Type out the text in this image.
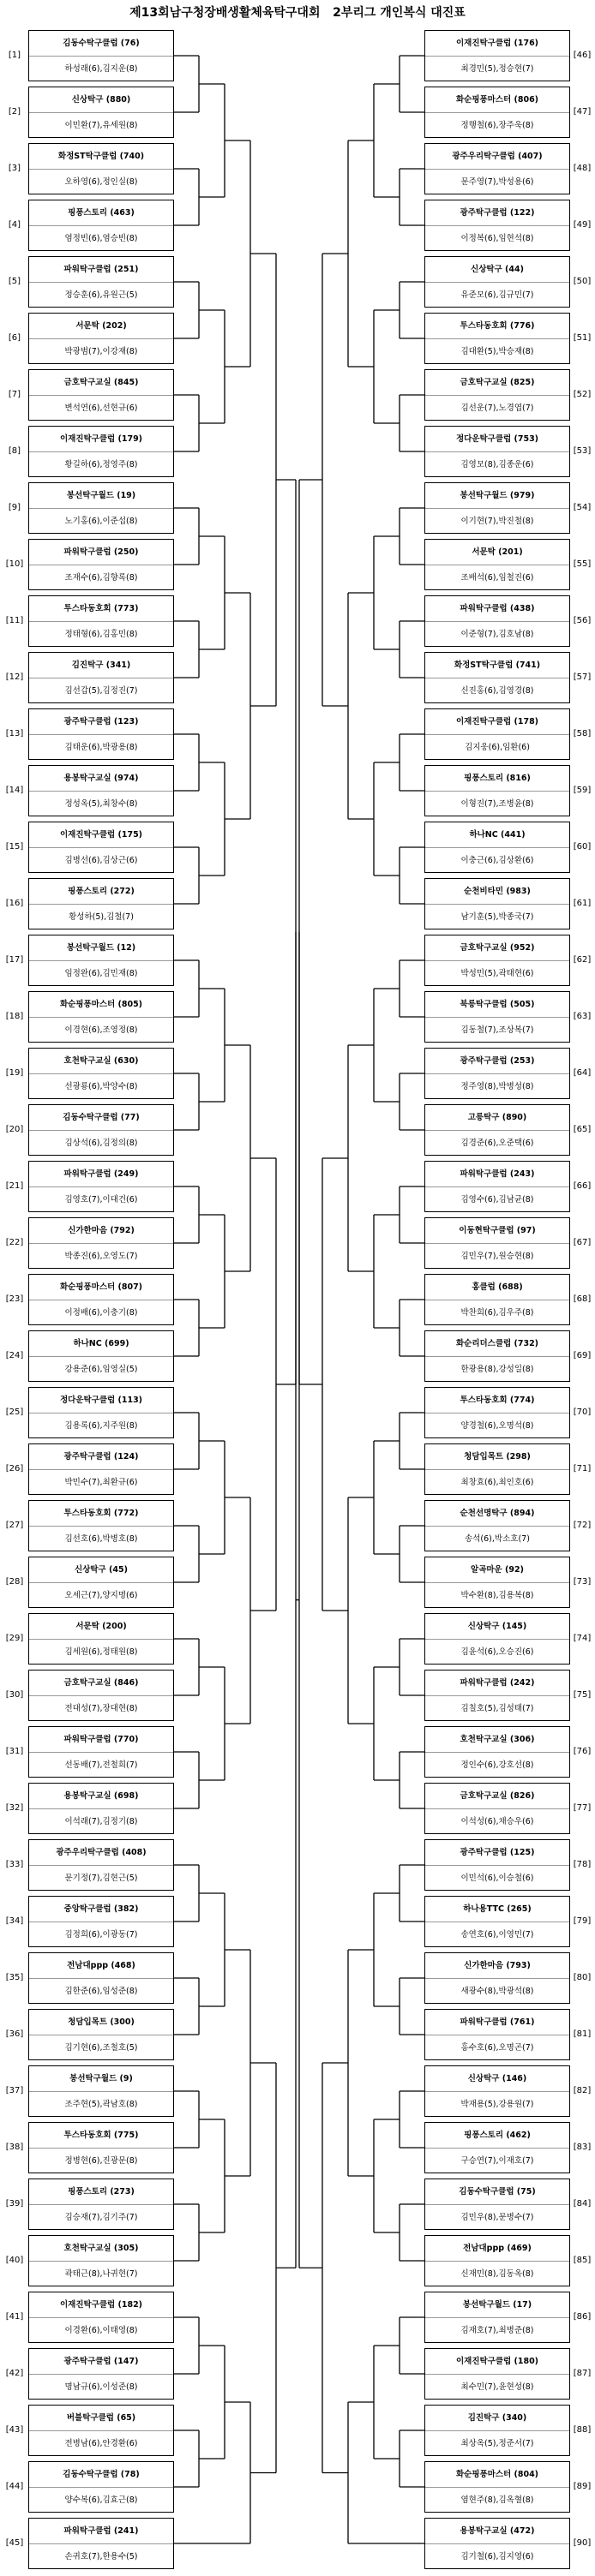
제13회남구청장배생활체육탁구대회   2부리그 개인복식 대진표
김동수탁구클럽 (76)
하성래(6),김지운(8)
[1]
신상탁구 (880)
이민환(7),유세원(8)
[2]
화정ST탁구클럽 (740)
오하영(6),정인실(8)
[3]
핑퐁스토리 (463)
염정빈(6),염승빈(8)
[4]
파워탁구클럽 (251)
정승훈(6),유원근(5)
[5]
서문탁 (202)
박광범(7),이강재(8)
[6]
금호탁구교실 (845)
변석연(6),선현규(6)
[7]
이재진탁구클럽 (179)
황길하(6),정영주(8)
[8]
봉선탁구월드 (19)
노기홍(6),이준섭(8)
[9]
파워탁구클럽 (250)
조재수(6),김향록(8)
[10]
투스타동호회 (773)
정태형(6),김홍민(8)
[11]
김진탁구 (341)
김선갑(5),김정진(7)
[12]
광주탁구클럽 (123)
김태운(6),박광용(8)
[13]
용봉탁구교실 (974)
정성옥(5),최창수(8)
[14]
이재진탁구클럽 (175)
김병선(6),김상근(6)
[15]
핑퐁스토리 (272)
황성하(5),김철(7)
[16]
봉선탁구월드 (12)
임정완(6),김민재(8)
[17]
화순핑퐁마스터 (805)
이경현(6),조영정(8)
[18]
호천탁구교실 (630)
선광룡(6),박양수(8)
[19]
김동수탁구클럽 (77)
김상석(6),김정의(8)
[20]
파워탁구클럽 (249)
김영호(7),이대건(6)
[21]
신가한마음 (792)
박종진(6),오영도(7)
[22]
화순핑퐁마스터 (807)
이정배(6),이충기(8)
[23]
하나NC (699)
강용준(6),임영실(5)
[24]
정다운탁구클럽 (113)
김용록(6),지주원(8)
[25]
광주탁구클럽 (124)
박민수(7),최환규(6)
[26]
투스타동호회 (772)
김선호(6),박병호(8)
[27]
신상탁구 (45)
오세근(7),양지명(6)
[28]
서문탁 (200)
김세원(6),정태원(8)
[29]
금호탁구교실 (846)
전대성(7),장대현(8)
[30]
파워탁구클럽 (770)
선동배(7),전철희(7)
[31]
용봉탁구교실 (698)
이석래(7),김정기(8)
[32]
광주우리탁구클럽 (408)
문기정(7),김현근(5)
[33]
중앙탁구클럽 (382)
김정희(6),이광동(7)
[34]
전남대ppp (468)
김한준(6),임성준(8)
[35]
청담입목트 (300)
김기현(6),조철호(5)
[36]
봉선탁구월드 (9)
조주현(5),곽남호(8)
[37]
투스타동호회 (775)
정병현(6),진광문(8)
[38]
핑퐁스토리 (273)
김승재(7),김기주(7)
[39]
호천탁구교실 (305)
곽태근(8),나귀현(7)
[40]
이재진탁구클럽 (182)
이경환(6),이태영(8)
[41]
광주탁구클럽 (147)
명남규(6),이성준(8)
[42]
버블탁구클럽 (65)
전병남(6),안경환(6)
[43]
김동수탁구클럽 (78)
양수복(6),김효근(8)
[44]
파워탁구클럽 (241)
손귀호(7),한용수(5)
[45]
이재진탁구클럽 (176)
최경민(5),정승현(7)
[46]
화순핑퐁마스터 (806)
정행철(6),장주욱(8)
[47]
광주우리탁구클럽 (407)
문주영(7),박성용(6)
[48]
광주탁구클럽 (122)
이정복(6),임현석(8)
[49]
신상탁구 (44)
유준모(6),김규민(7)
[50]
투스타동호회 (776)
김대환(5),박승재(8)
[51]
금호탁구교실 (825)
김선운(7),노경엽(7)
[52]
정다운탁구클럽 (753)
김영모(8),김종운(6)
[53]
봉선탁구월드 (979)
이기현(7),박진철(8)
[54]
서문탁 (201)
조배석(6),임철진(6)
[55]
파워탁구클럽 (438)
이준형(7),김호남(8)
[56]
화정ST탁구클럽 (741)
신진홍(6),김영경(8)
[57]
이재진탁구클럽 (178)
김지웅(6),임환(6)
[58]
핑퐁스토리 (816)
이형진(7),조병윤(8)
[59]
하나NC (441)
이충근(6),김상환(6)
[60]
순천비타민 (983)
남기훈(5),박종국(7)
[61]
금호탁구교실 (952)
박성민(5),곽태현(6)
[62]
북릉탁구클럽 (505)
김동철(7),조상복(7)
[63]
광주탁구클럽 (253)
정주영(8),박병성(8)
[64]
고릉탁구 (890)
김경준(6),오준택(6)
[65]
파워탁구클럽 (243)
김영수(6),김남균(8)
[66]
이동현탁구클럽 (97)
김민우(7),원승현(8)
[67]
홍클럽 (688)
박찬희(6),김우주(8)
[68]
화순리더스클럽 (732)
한광용(8),강성일(8)
[69]
투스타동호회 (774)
양경철(6),오명석(8)
[70]
청담입목트 (298)
최창효(6),최인호(6)
[71]
순천선명탁구 (894)
송석(6),박소호(7)
[72]
알곡마운 (92)
박수환(8),김용복(8)
[73]
신상탁구 (145)
김윤석(6),오승진(6)
[74]
파워탁구클럽 (242)
김칠호(5),김성태(7)
[75]
호천탁구교실 (306)
정인수(6),강호선(8)
[76]
금호탁구교실 (826)
이석성(6),채승우(6)
[77]
광주탁구클럽 (125)
이민석(6),이승철(6)
[78]
하나용TTC (265)
송연호(6),이영민(7)
[79]
신가한마음 (793)
새광수(8),박광석(8)
[80]
파워탁구클럽 (761)
홍수호(6),오명곤(7)
[81]
신상탁구 (146)
박재용(5),강용원(7)
[82]
핑퐁스토리 (462)
구승연(7),이재호(7)
[83]
김동수탁구클럽 (75)
김민우(8),문병수(7)
[84]
전남대ppp (469)
신재민(8),김동옥(8)
[85]
봉선탁구월드 (17)
김재호(7),최병준(8)
[86]
이재진탁구클럽 (180)
최수민(7),윤현성(8)
[87]
김진탁구 (340)
최상옥(5),정준서(7)
[88]
화순핑퐁마스터 (804)
염현주(8),김옥혈(8)
[89]
용봉탁구교실 (472)
김기철(6),김지영(6)
[90]
